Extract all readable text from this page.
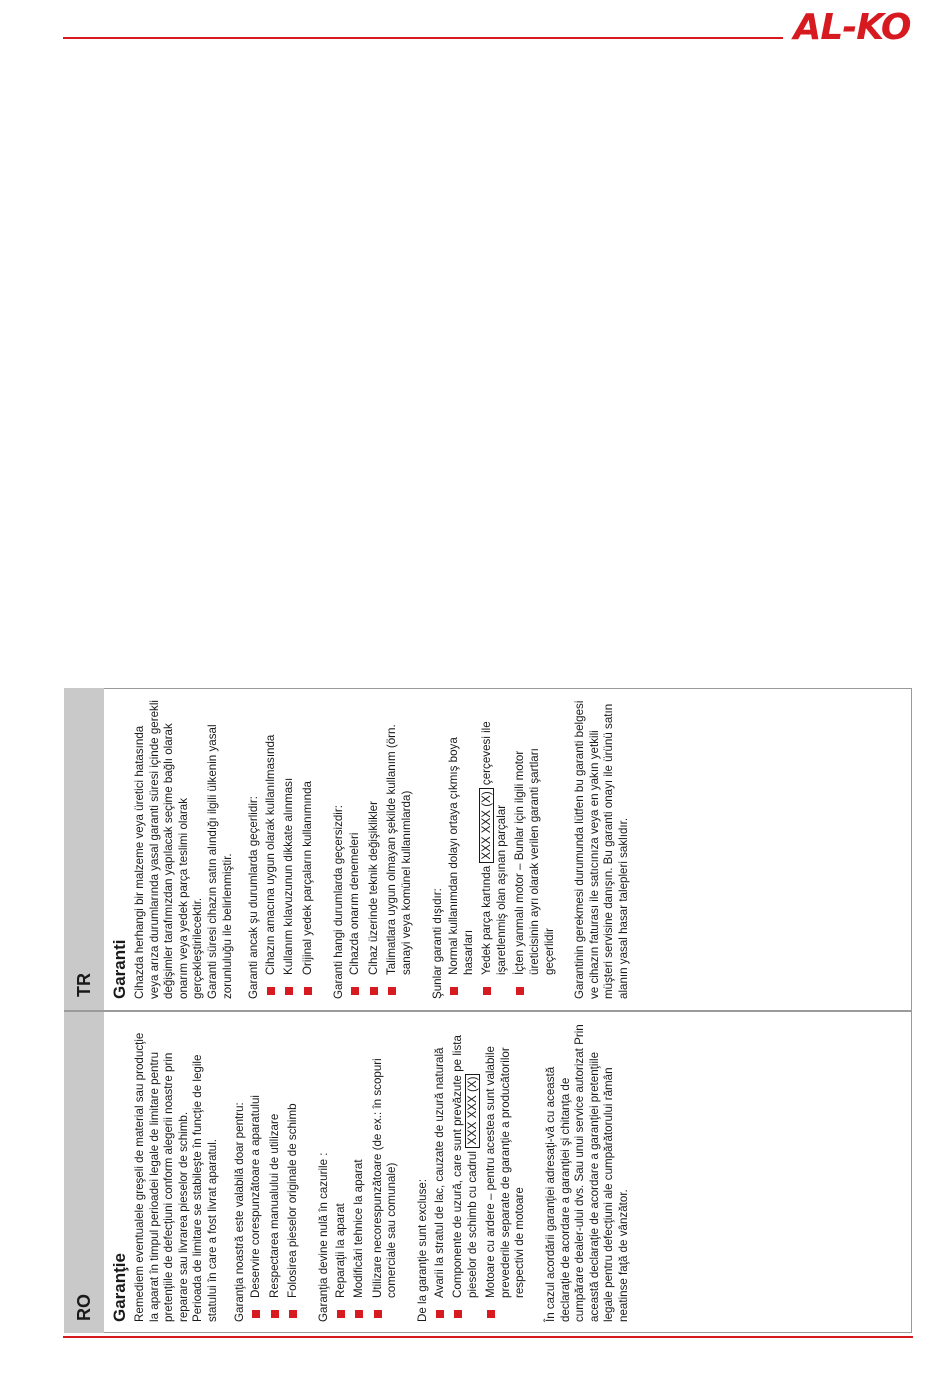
AL-KO
RO
TR
Garanţie Remediem eventualele greşeli de material sau producţie la aparat în timpul perioadei legale de limitare pentru pretenţiile de defecţiuni conform alegerii noastre prin reparare sau livrarea pieselor de schimb. Perioada de limitare se stabileşte în funcţie de legile statului în care a fost livrat aparatul. Garanţia noastră este valabilă doar pentru: Deservire corespunzătoare a aparatului Respectarea manualului de utilizare Folosirea pieselor originale de schimb Garanţia devine nulă în cazurile : Reparaţii la aparat Modificări tehnice la aparat Utilizare necorespunzătoare (de ex.: în scopuri comerciale sau comunale) De la garanţie sunt excluse: Avarii la stratul de lac, cauzate de uzură naturală Componente de uzură, care sunt prevăzute pe lista pieselor de schimb cu cadrul XXX XXX (X) Motoare cu ardere – pentru acestea sunt valabile prevederile separate de garanţie a producătorilor respectivi de motoare În cazul acordării garanţiei adresaţi-vă cu această declaraţie de acordare a garanţiei şi chitanţa de cumpărare dealer-ului dvs. Sau unui service autorizat Prin această declaraţie de acordare a garanţiei pretenţiile legale pentru defecţiuni ale cumpărătorului rămân neatinse faţă de vânzător.

Garanti Cihazda herhangi bir malzeme veya üretici hatasında veya arıza durumlarında yasal garanti süresi içinde gerekli değişimler tarafımızdan yapılacak seçime bağlı olarak onarım veya yedek parça teslimi olarak gerçekleştirilecektir. Garanti süresi cihazın satın alındığı ilgili ülkenin yasal zorunluluğu ile belirlenmiştir. Garanti ancak şu durumlarda geçerlidir: Cihazın amacına uygun olarak kullanılmasında Kullanım kılavuzunun dikkate alınması Orijinal yedek parçaların kullanımında Garanti hangi durumlarda geçersizdir: Cihazda onarım denemeleri Cihaz üzerinde teknik değişiklikler Talimatlara uygun olmayan şekilde kullanım (örn. sanayi veya komünel kullanımlarda) Şunlar garanti dışıdır: Normal kullanımdan dolayı ortaya çıkmış boya hasarları Yedek parça kartında XXX XXX (X) çerçevesi ile işaretlenmiş olan aşınan parçalar İçten yanmalı motor – Bunlar için ilgili motor üreticisinin ayrı olarak verilen garanti şartları geçerlidir Garantinin gerekmesi durumunda lütfen bu garanti belgesi ve cihazın faturası ile satıcınıza veya en yakın yetkili müşteri servisine danışın. Bu garanti onayı ile ürünü satın alanın yasal hasar talepleri saklıdır.
